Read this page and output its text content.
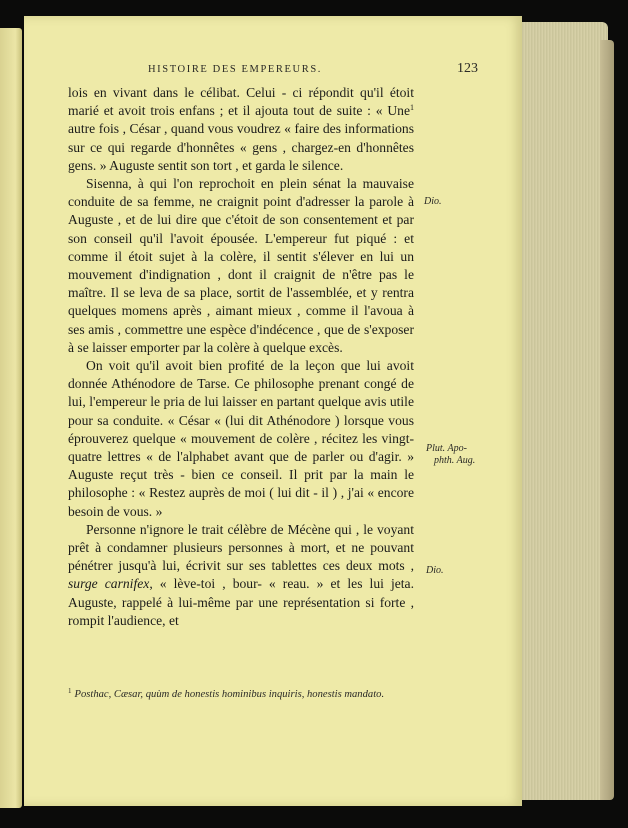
HISTOIRE DES EMPEREURS.	123

lois en vivant dans le célibat. Celui - ci répondit qu'il étoit marié et avoit trois enfans ; et il ajouta tout de suite : « Une$^1$ autre fois , César , quand vous voudrez « faire des informations sur ce qui regarde d'honnêtes « gens , chargez-en d'honnêtes gens. » Auguste sentit son tort , et garda le silence.

Sisenna, à qui l'on reprochoit en plein sénat la mauvaise conduite de sa femme, ne craignit point d'adresser la parole à Auguste , et de lui dire que c'étoit de son consentement et par son conseil qu'il l'avoit épousée. L'empereur fut piqué : et comme il étoit sujet à la colère, il sentit s'élever en lui un mouvement d'indignation , dont il craignit de n'être pas le maître. Il se leva de sa place, sortit de l'assemblée, et y rentra quelques momens après , aimant mieux , comme il l'avoua à ses amis , commettre une espèce d'indécence , que de s'exposer à se laisser emporter par la colère à quelque excès.

On voit qu'il avoit bien profité de la leçon que lui avoit donnée Athénodore de Tarse. Ce philosophe prenant congé de lui, l'empereur le pria de lui laisser en partant quelque avis utile pour sa conduite. « César « (lui dit Athénodore ) lorsque vous éprouverez quelque « mouvement de colère , récitez les vingt-quatre lettres « de l'alphabet avant que de parler ou d'agir. » Auguste reçut très - bien ce conseil. Il prit par la main le philosophe : « Restez auprès de moi ( lui dit - il ) , j'ai « encore besoin de vous. »

Personne n'ignore le trait célèbre de Mécène qui , le voyant prêt à condamner plusieurs personnes à mort, et ne pouvant pénétrer jusqu'à lui, écrivit sur ses tablettes ces deux mots , surge carnifex, « lève-toi , bour- « reau. » et les lui jeta. Auguste, rappelé à lui-même par une représentation si forte , rompit l'audience, et

Dio.
Plut. Apo-
phth. Aug.
Dio.
$^1$ Posthac, Cæsar, quùm de honestis hominibus inquiris, honestis mandato.
